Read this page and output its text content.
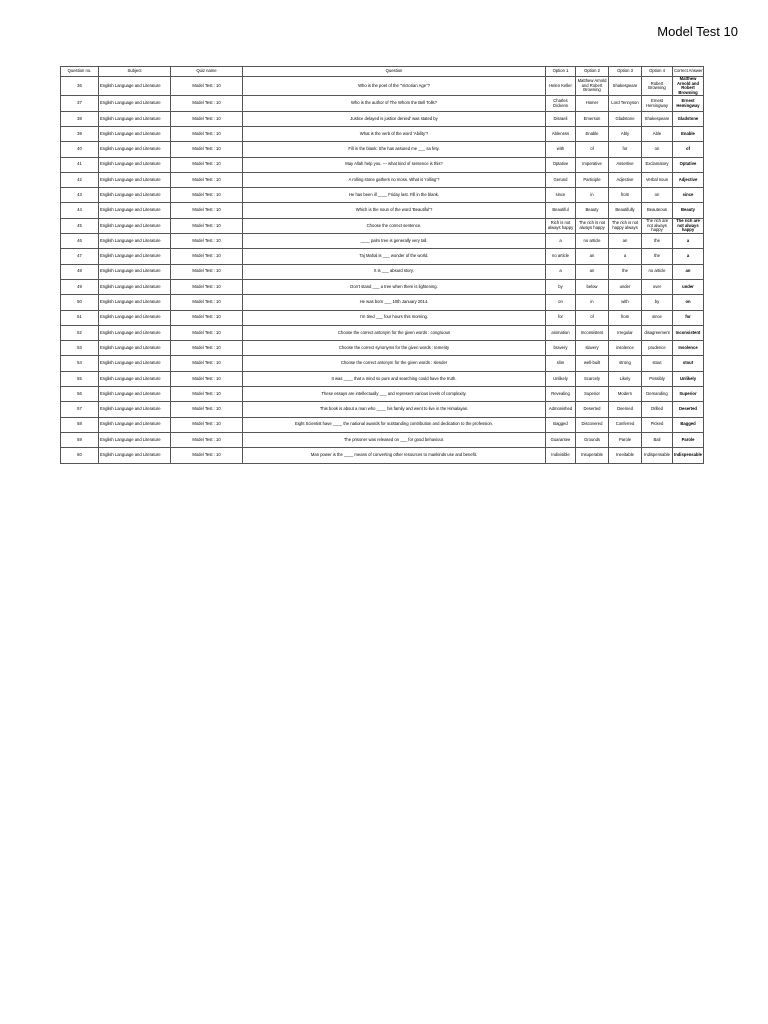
Model Test 10
Question no.	Subject	Quiz name	Question	Option 1	Option 2	Option 3	Option 4	Correct Answer
36	English Language and Literature	Model Test : 10	Who is the poet of the "Victorian Age"?	Helen Keller	Matthew Arnold and Robert Browning	Shakespeare	Robert Browning	Matthew Arnold and Robert Browning
37	English Language and Literature	Model Test : 10	Who is the author of The Whom the Bell Tolls?	Charles Dickens	Homer	Lord Tennyson	Ernest Hemingway	Ernest Hemingway
38	English Language and Literature	Model Test : 10	Justice delayed is justice denied' was stated by	Disraeli	Emerson	Gladstone	Shakespeare	Gladstone
39	English Language and Literature	Model Test : 10	What is the verb of the word 'Ability'?	Ableness	Enable	Ably	Able	Enable
40	English Language and Literature	Model Test : 10	Fill in the blank: She has assured me ___ sa fety.	with	of	for	on	of
41	English Language and Literature	Model Test : 10	May Allah help you. --- what kind of sentence is this?	Optative	Imperative	Assertive	Exclamatory	Optative
42	English Language and Literature	Model Test : 10	A rolling stone gathers no moss. What is 'rolling'?	Gerund	Participle	Adjective	Verbal noun	Adjective
43	English Language and Literature	Model Test : 10	He has been ill ____ Friday last. Fill in the blank.	since	in	from	on	since
44	English Language and Literature	Model Test : 10	Which is the noun of the word 'Beautiful'?	Beautiful	Beauty	Beautifully	Beauteous	Beauty
45	English Language and Literature	Model Test : 10	Choose the correct sentence.	Rich is not always happy	The rich is not always happy	The rich is not happy always	The rich are not always happy	The rich are not always happy
46	English Language and Literature	Model Test : 10	____ palm tree is generally very tall.	a	no article	an	the	a
47	English Language and Literature	Model Test : 10	Taj Mahal is ___ wonder of the world.	no article	an	a	the	a
48	English Language and Literature	Model Test : 10	It is ___ absurd story.	a	an	the	no article	an
49	English Language and Literature	Model Test : 10	Don't stand ___ a tree when there is lightening.	by	below	under	over	under
50	English Language and Literature	Model Test : 10	He was born ___ 10th January 2014.	on	in	with	by	on
51	English Language and Literature	Model Test : 10	I'm tired ___ four hours this morning.	for	of	from	since	for
52	English Language and Literature	Model Test : 10	Choose the correct antonym for the given words : congruous	animation	Inconsistent	Irregular	disagreement	Inconsistent
53	English Language and Literature	Model Test : 10	Choose the correct synonyms for the given words : temerity	bravery	slavery	insolence	prudence	Insolence
54	English Language and Literature	Model Test : 10	Choose the correct antonym for the given words : slender	slim	well-built	strong	stout	stout
55	English Language and Literature	Model Test : 10	It was ____ that a mind so pure and searching could have the truth.	Unlikely	Scarcely	Likely	Possibly	Unlikely
56	English Language and Literature	Model Test : 10	These essays are intellectually ___ and represent various levels of complexity.	Revealing	Superior	Modern	Demanding	Superior
57	English Language and Literature	Model Test : 10	This book is about a man who ____ his family and went to live in the Himalayas.	Admonished	Deserted	Deemed	Drilled	Deserted
58	English Language and Literature	Model Test : 10	Eight Scientist have ____ the national awards for outstanding contribution and dedication to the profession.	Bagged	Discovered	Conferred	Picked	Bagged
59	English Language and Literature	Model Test : 10	The prisoner was released on ___ for good behaviour.	Guarantee	Grounds	Parole	Bail	Parole
60	English Language and Literature	Model Test : 10	Man power is the ____ means of converting other resources to mankinds use and benefit.	Indivisible	Insuperable	Inevitable	Indispensable	Indispensable
